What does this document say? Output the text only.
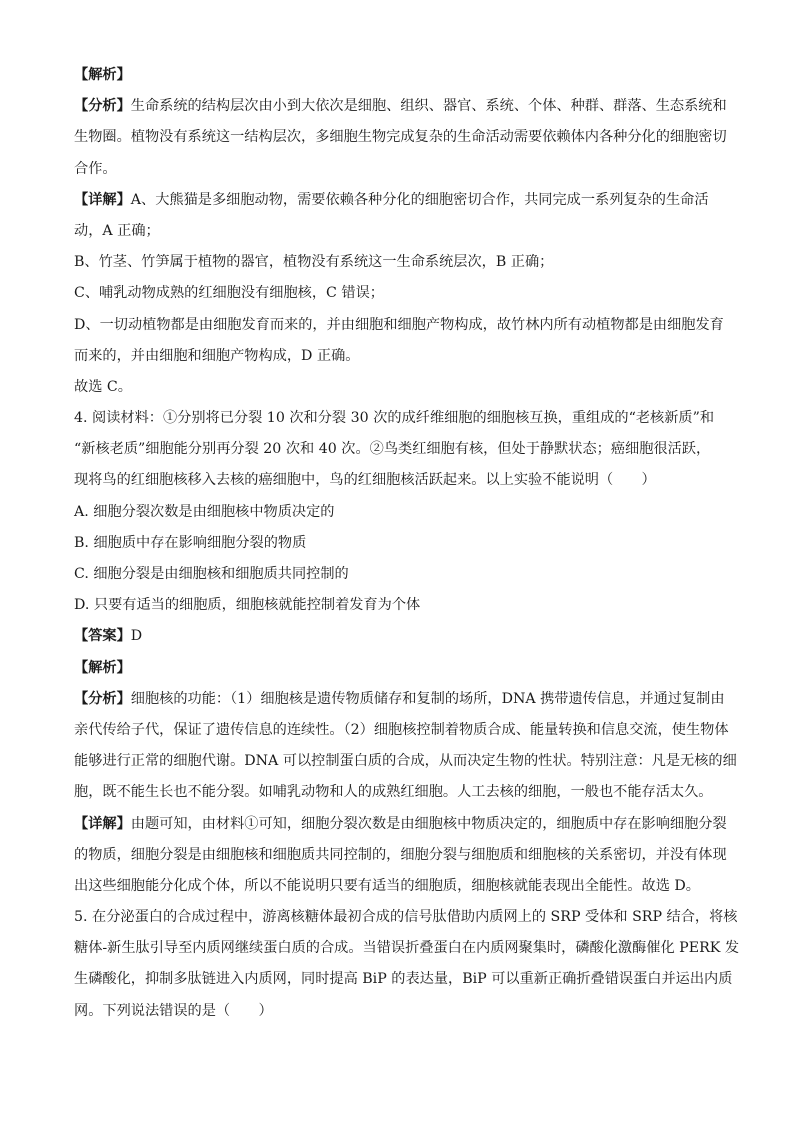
【解析】
【分析】生命系统的结构层次由小到大依次是细胞、组织、器官、系统、个体、种群、群落、生态系统和
生物圈。植物没有系统这一结构层次，多细胞生物完成复杂的生命活动需要依赖体内各种分化的细胞密切
合作。
【详解】A、大熊猫是多细胞动物，需要依赖各种分化的细胞密切合作，共同完成一系列复杂的生命活
动，A 正确；
B、竹茎、竹笋属于植物的器官，植物没有系统这一生命系统层次，B 正确；
C、哺乳动物成熟的红细胞没有细胞核，C 错误；
D、一切动植物都是由细胞发育而来的，并由细胞和细胞产物构成，故竹林内所有动植物都是由细胞发育
而来的，并由细胞和细胞产物构成，D 正确。
故选 C。
4. 阅读材料：①分别将已分裂 10 次和分裂 30 次的成纤维细胞的细胞核互换，重组成的“老核新质”和
“新核老质”细胞能分别再分裂 20 次和 40 次。②鸟类红细胞有核，但处于静默状态；癌细胞很活跃，
现将鸟的红细胞核移入去核的癌细胞中，鸟的红细胞核活跃起来。以上实验不能说明（　　）
A. 细胞分裂次数是由细胞核中物质决定的
B. 细胞质中存在影响细胞分裂的物质
C. 细胞分裂是由细胞核和细胞质共同控制的
D. 只要有适当的细胞质，细胞核就能控制着发育为个体
【答案】D
【解析】
【分析】细胞核的功能：（1）细胞核是遗传物质储存和复制的场所，DNA 携带遗传信息，并通过复制由
亲代传给子代，保证了遗传信息的连续性。（2）细胞核控制着物质合成、能量转换和信息交流，使生物体
能够进行正常的细胞代谢。DNA 可以控制蛋白质的合成，从而决定生物的性状。特别注意：凡是无核的细
胞，既不能生长也不能分裂。如哺乳动物和人的成熟红细胞。人工去核的细胞，一般也不能存活太久。
【详解】由题可知，由材料①可知，细胞分裂次数是由细胞核中物质决定的，细胞质中存在影响细胞分裂
的物质，细胞分裂是由细胞核和细胞质共同控制的，细胞分裂与细胞质和细胞核的关系密切，并没有体现
出这些细胞能分化成个体，所以不能说明只要有适当的细胞质，细胞核就能表现出全能性。故选 D。
5. 在分泌蛋白的合成过程中，游离核糖体最初合成的信号肽借助内质网上的 SRP 受体和 SRP 结合，将核
糖体-新生肽引导至内质网继续蛋白质的合成。当错误折叠蛋白在内质网聚集时，磷酸化激酶催化 PERK 发
生磷酸化，抑制多肽链进入内质网，同时提高 BiP 的表达量，BiP 可以重新正确折叠错误蛋白并运出内质
网。下列说法错误的是（　　）
